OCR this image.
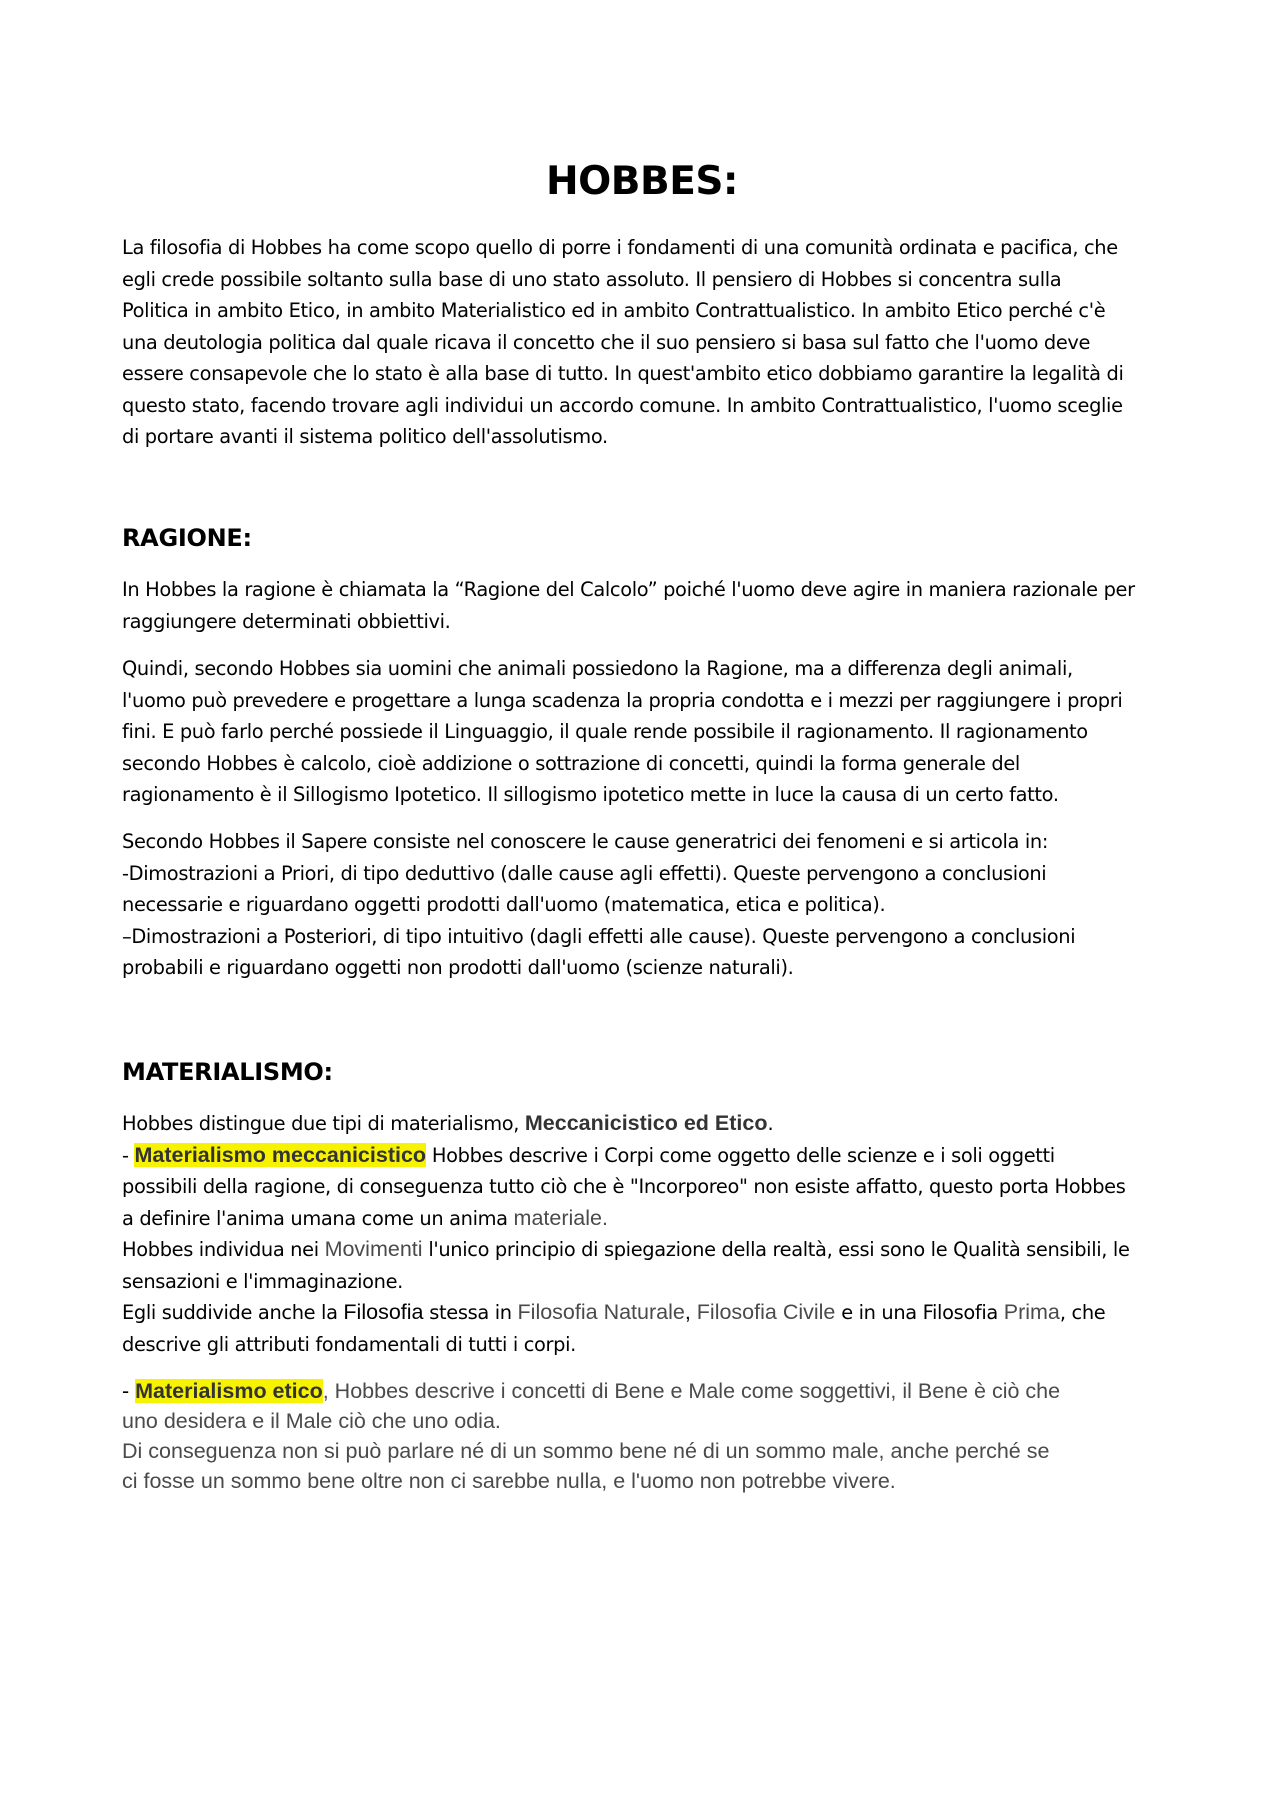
HOBBES:

La filosofia di Hobbes ha come scopo quello di porre i fondamenti di una comunità ordinata e pacifica, che
egli crede possibile soltanto sulla base di uno stato assoluto. Il pensiero di Hobbes si concentra sulla
Politica in ambito Etico, in ambito Materialistico ed in ambito Contrattualistico. In ambito Etico perché c'è
una deutologia politica dal quale ricava il concetto che il suo pensiero si basa sul fatto che l'uomo deve
essere consapevole che lo stato è alla base di tutto. In quest'ambito etico dobbiamo garantire la legalità di
questo stato, facendo trovare agli individui un accordo comune. In ambito Contrattualistico, l'uomo sceglie
di portare avanti il sistema politico dell'assolutismo.

RAGIONE:

In Hobbes la ragione è chiamata la “Ragione del Calcolo” poiché l'uomo deve agire in maniera razionale per
raggiungere determinati obbiettivi.

Quindi, secondo Hobbes sia uomini che animali possiedono la Ragione, ma a differenza degli animali,
l'uomo può prevedere e progettare a lunga scadenza la propria condotta e i mezzi per raggiungere i propri
fini. E può farlo perché possiede il Linguaggio, il quale rende possibile il ragionamento. Il ragionamento
secondo Hobbes è calcolo, cioè addizione o sottrazione di concetti, quindi la forma generale del
ragionamento è il Sillogismo Ipotetico. Il sillogismo ipotetico mette in luce la causa di un certo fatto.

Secondo Hobbes il Sapere consiste nel conoscere le cause generatrici dei fenomeni e si articola in:
-Dimostrazioni a Priori, di tipo deduttivo (dalle cause agli effetti). Queste pervengono a conclusioni
necessarie e riguardano oggetti prodotti dall'uomo (matematica, etica e politica).
–Dimostrazioni a Posteriori, di tipo intuitivo (dagli effetti alle cause). Queste pervengono a conclusioni
probabili e riguardano oggetti non prodotti dall'uomo (scienze naturali).

MATERIALISMO:

Hobbes distingue due tipi di materialismo, Meccanicistico ed Etico.
- Materialismo meccanicistico Hobbes descrive i Corpi come oggetto delle scienze e i soli oggetti
possibili della ragione, di conseguenza tutto ciò che è "Incorporeo" non esiste affatto, questo porta Hobbes
a definire l'anima umana come un anima materiale.
Hobbes individua nei Movimenti l'unico principio di spiegazione della realtà, essi sono le Qualità sensibili, le
sensazioni e l'immaginazione.
Egli suddivide anche la Filosofia stessa in Filosofia Naturale, Filosofia Civile e in una Filosofia Prima, che
descrive gli attributi fondamentali di tutti i corpi.

- Materialismo etico, Hobbes descrive i concetti di Bene e Male come soggettivi, il Bene è ciò che
uno desidera e il Male ciò che uno odia.
Di conseguenza non si può parlare né di un sommo bene né di un sommo male, anche perché se
ci fosse un sommo bene oltre non ci sarebbe nulla, e l'uomo non potrebbe vivere.
